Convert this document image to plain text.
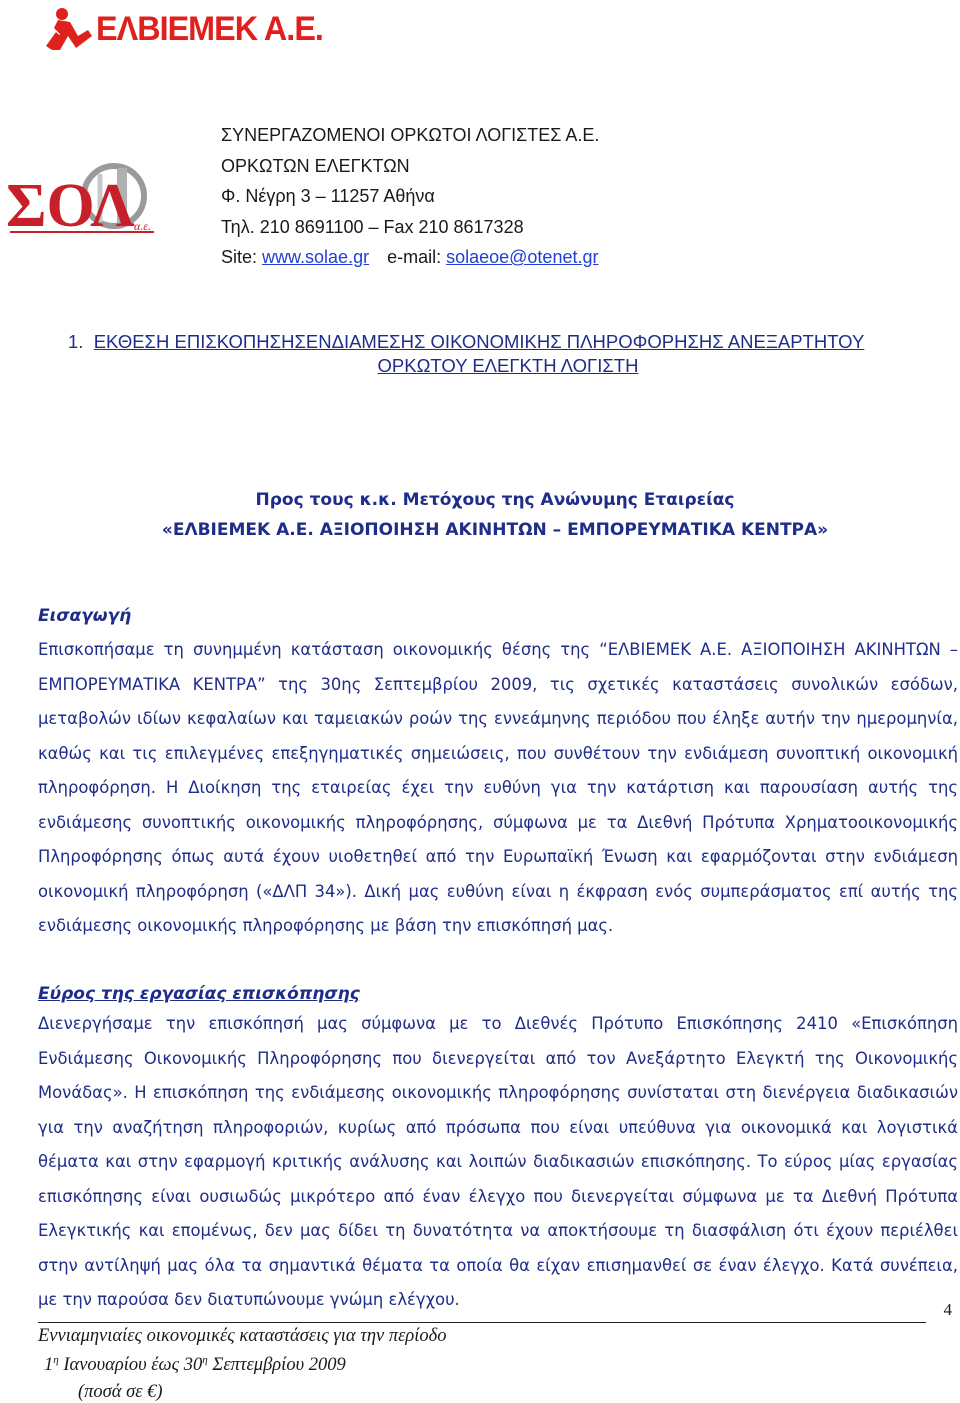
ΕΛΒΙΕΜΕΚ Α.Ε.
ΣΟΛ α.ε.
ΣΥΝΕΡΓΑΖΟΜΕΝΟΙ ΟΡΚΩΤΟΙ ΛΟΓΙΣΤΕΣ Α.Ε.
ΟΡΚΩΤΩΝ ΕΛΕΓΚΤΩΝ
Φ. Νέγρη 3 – 11257 Αθήνα
Τηλ. 210 8691100 – Fax 210 8617328
Site: www.solae.gr e-mail: solaeoe@otenet.gr
1. ΕΚΘΕΣΗ ΕΠΙΣΚΟΠΗΣΗΣΕΝΔΙΑΜΕΣΗΣ ΟΙΚΟΝΟΜΙΚΗΣ ΠΛΗΡΟΦΟΡΗΣΗΣ ΑΝΕΞΑΡΤΗΤΟΥ
ΟΡΚΩΤΟΥ ΕΛΕΓΚΤΗ ΛΟΓΙΣΤΗ
Προς τους κ.κ. Μετόχους της Ανώνυμης Εταιρείας
«ΕΛΒΙΕΜΕΚ Α.Ε. ΑΞΙΟΠΟΙΗΣΗ ΑΚΙΝΗΤΩΝ – ΕΜΠΟΡΕΥΜΑΤΙΚΑ ΚΕΝΤΡΑ»
Εισαγωγή
Επισκοπήσαμε τη συνημμένη κατάσταση οικονομικής θέσης της “ΕΛΒΙΕΜΕΚ Α.Ε. ΑΞΙΟΠΟΙΗΣΗ ΑΚΙΝΗΤΩΝ – ΕΜΠΟΡΕΥΜΑΤΙΚΑ ΚΕΝΤΡΑ” της 30ης Σεπτεμβρίου 2009, τις σχετικές καταστάσεις συνολικών εσόδων, μεταβολών ιδίων κεφαλαίων και ταμειακών ροών της εννεάμηνης περιόδου που έληξε αυτήν την ημερομηνία, καθώς και τις επιλεγμένες επεξηγηματικές σημειώσεις, που συνθέτουν την ενδιάμεση συνοπτική οικονομική πληροφόρηση. Η Διοίκηση της εταιρείας έχει την ευθύνη για την κατάρτιση και παρουσίαση αυτής της ενδιάμεσης συνοπτικής οικονομικής πληροφόρησης, σύμφωνα με τα Διεθνή Πρότυπα Χρηματοοικονομικής Πληροφόρησης όπως αυτά έχουν υιοθετηθεί από την Ευρωπαϊκή Ένωση και εφαρμόζονται στην ενδιάμεση οικονομική πληροφόρηση («ΔΛΠ 34»). Δική μας ευθύνη είναι η έκφραση ενός συμπεράσματος επί αυτής της ενδιάμεσης οικονομικής πληροφόρησης με βάση την επισκόπησή μας.
Εύρος της εργασίας επισκόπησης
Διενεργήσαμε την επισκόπησή μας σύμφωνα με το Διεθνές Πρότυπο Επισκόπησης 2410 «Επισκόπηση Ενδιάμεσης Οικονομικής Πληροφόρησης που διενεργείται από τον Ανεξάρτητο Ελεγκτή της Οικονομικής Μονάδας». Η επισκόπηση της ενδιάμεσης οικονομικής πληροφόρησης συνίσταται στη διενέργεια διαδικασιών για την αναζήτηση πληροφοριών, κυρίως από πρόσωπα που είναι υπεύθυνα για οικονομικά και λογιστικά θέματα και στην εφαρμογή κριτικής ανάλυσης και λοιπών διαδικασιών επισκόπησης. Το εύρος μίας εργασίας επισκόπησης είναι ουσιωδώς μικρότερο από έναν έλεγχο που διενεργείται σύμφωνα με τα Διεθνή Πρότυπα Ελεγκτικής και επομένως, δεν μας δίδει τη δυνατότητα να αποκτήσουμε τη διασφάλιση ότι έχουν περιέλθει στην αντίληψή μας όλα τα σημαντικά θέματα τα οποία θα είχαν επισημανθεί σε έναν έλεγχο. Κατά συνέπεια, με την παρούσα δεν διατυπώνουμε γνώμη ελέγχου.
4
Εννιαμηνιαίες οικονομικές καταστάσεις για την περίοδο
$1^\eta$ Ιανουαρίου έως $30^\eta$ Σεπτεμβρίου 2009
(ποσά σε €)
